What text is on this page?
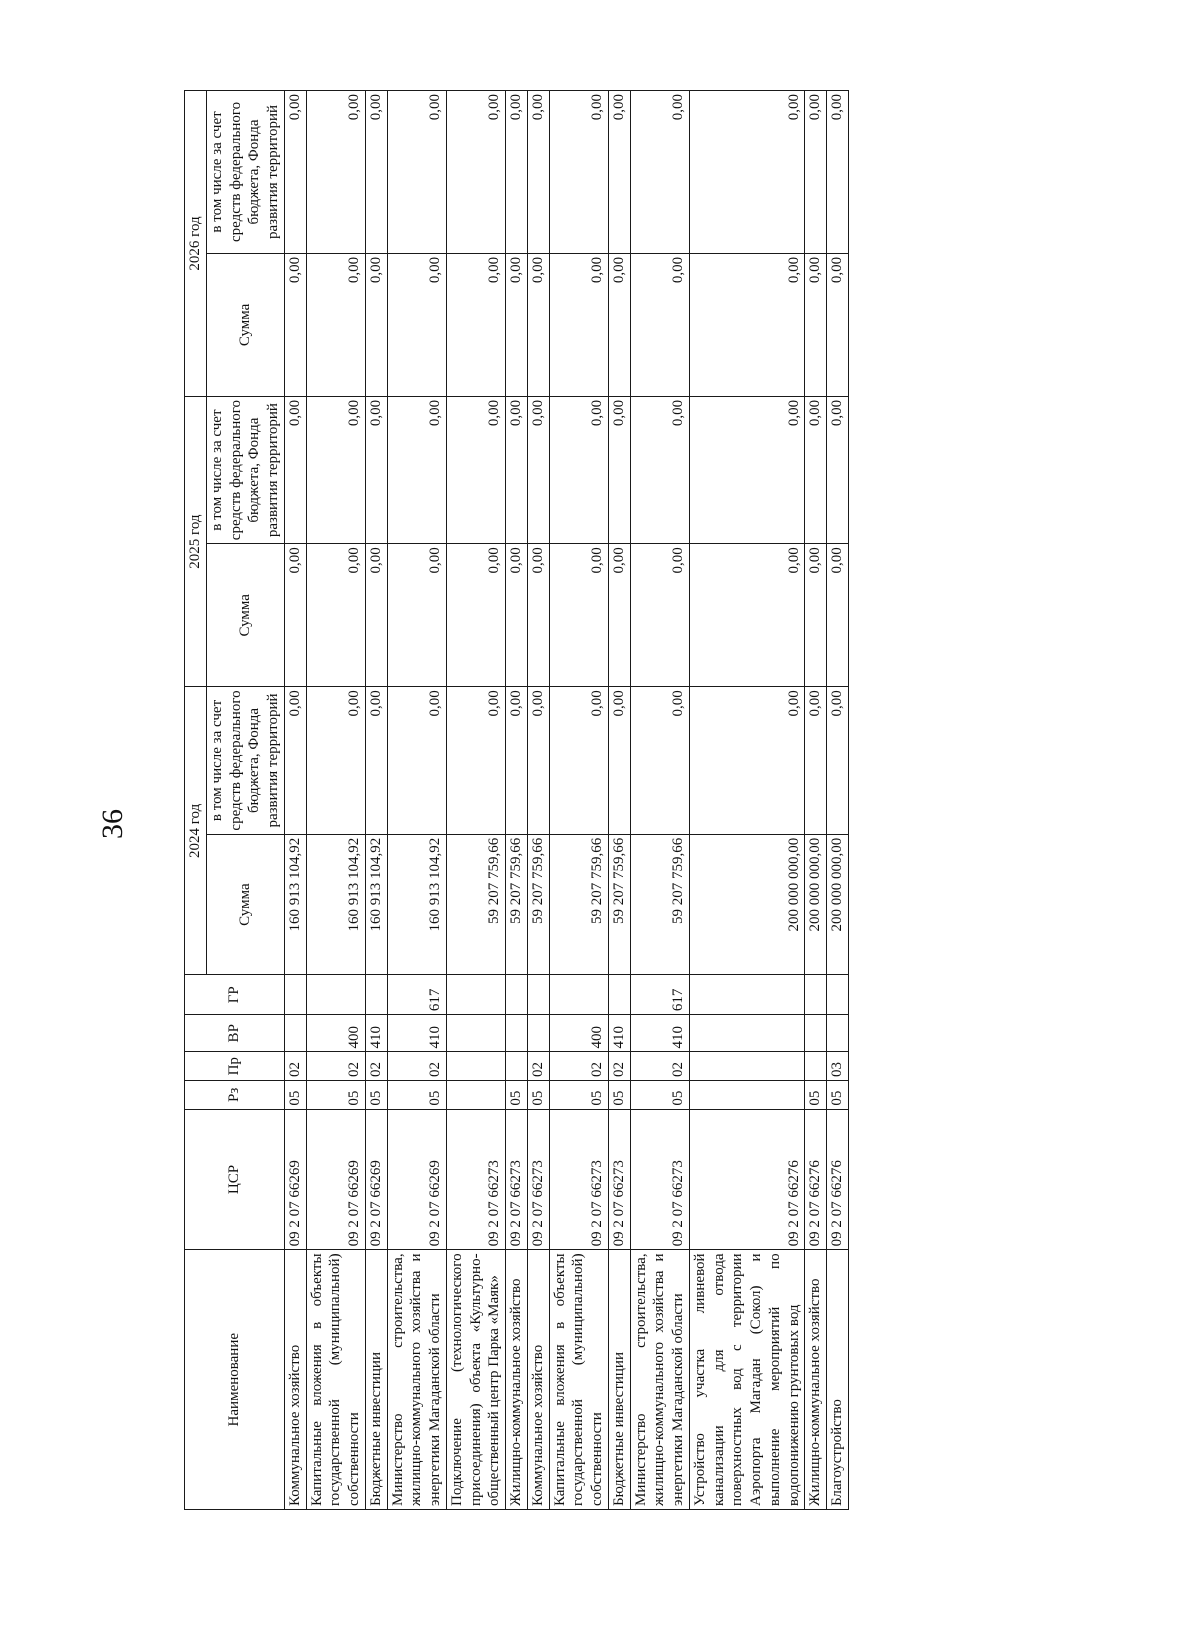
36
Наименование	ЦСР	Рз	Пр	ВР	ГР	2024 год		2025 год		2026 год	
						Сумма	в том числе за счет средств федерального бюджета, Фонда развития территорий	Сумма	в том числе за счет средств федерального бюджета, Фонда развития территорий	Сумма	в том числе за счет средств федерального бюджета, Фонда развития территорий
Коммунальное хозяйство	09 2 07 66269	05	02			160 913 104,92	0,00	0,00	0,00	0,00	0,00
Капитальные вложения в объекты государственной (муниципальной) собственности	09 2 07 66269	05	02	400		160 913 104,92	0,00	0,00	0,00	0,00	0,00
Бюджетные инвестиции	09 2 07 66269	05	02	410		160 913 104,92	0,00	0,00	0,00	0,00	0,00
Министерство строительства, жилищно-коммунального хозяйства и энергетики Магаданской области	09 2 07 66269	05	02	410	617	160 913 104,92	0,00	0,00	0,00	0,00	0,00
Подключение (технологического присоединения) объекта «Культурно-общественный центр Парка «Маяк»	09 2 07 66273					59 207 759,66	0,00	0,00	0,00	0,00	0,00
Жилищно-коммунальное хозяйство	09 2 07 66273	05				59 207 759,66	0,00	0,00	0,00	0,00	0,00
Коммунальное хозяйство	09 2 07 66273	05	02			59 207 759,66	0,00	0,00	0,00	0,00	0,00
Капитальные вложения в объекты государственной (муниципальной) собственности	09 2 07 66273	05	02	400		59 207 759,66	0,00	0,00	0,00	0,00	0,00
Бюджетные инвестиции	09 2 07 66273	05	02	410		59 207 759,66	0,00	0,00	0,00	0,00	0,00
Министерство строительства, жилищно-коммунального хозяйства и энергетики Магаданской области	09 2 07 66273	05	02	410	617	59 207 759,66	0,00	0,00	0,00	0,00	0,00
Устройство участка ливневой канализации для отвода поверхностных вод с территории Аэропорта Магадан (Сокол) и выполнение мероприятий по водопонижению грунтовых вод	09 2 07 66276					200 000 000,00	0,00	0,00	0,00	0,00	0,00
Жилищно-коммунальное хозяйство	09 2 07 66276	05				200 000 000,00	0,00	0,00	0,00	0,00	0,00
Благоустройство	09 2 07 66276	05	03			200 000 000,00	0,00	0,00	0,00	0,00	0,00
